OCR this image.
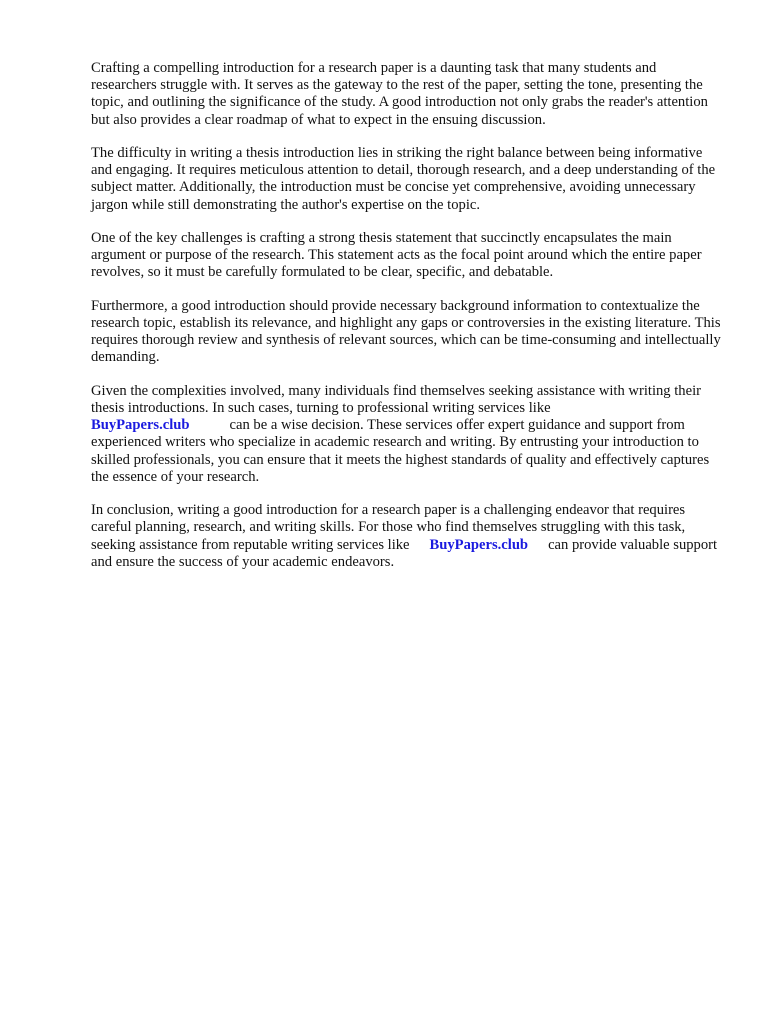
Crafting a compelling introduction for a research paper is a daunting task that many students and researchers struggle with. It serves as the gateway to the rest of the paper, setting the tone, presenting the topic, and outlining the significance of the study. A good introduction not only grabs the reader's attention but also provides a clear roadmap of what to expect in the ensuing discussion.

The difficulty in writing a thesis introduction lies in striking the right balance between being informative and engaging. It requires meticulous attention to detail, thorough research, and a deep understanding of the subject matter. Additionally, the introduction must be concise yet comprehensive, avoiding unnecessary jargon while still demonstrating the author's expertise on the topic.

One of the key challenges is crafting a strong thesis statement that succinctly encapsulates the main argument or purpose of the research. This statement acts as the focal point around which the entire paper revolves, so it must be carefully formulated to be clear, specific, and debatable.

Furthermore, a good introduction should provide necessary background information to contextualize the research topic, establish its relevance, and highlight any gaps or controversies in the existing literature. This requires thorough review and synthesis of relevant sources, which can be time-consuming and intellectually demanding.

Given the complexities involved, many individuals find themselves seeking assistance with writing their thesis introductions. In such cases, turning to professional writing services like
BuyPapers.club	can be a wise decision. These services offer expert guidance and support from experienced writers who specialize in academic research and writing. By entrusting your introduction to skilled professionals, you can ensure that it meets the highest standards of quality and effectively captures the essence of your research.

In conclusion, writing a good introduction for a research paper is a challenging endeavor that requires careful planning, research, and writing skills. For those who find themselves struggling with this task, seeking assistance from reputable writing services like BuyPapers.club can provide valuable support and ensure the success of your academic endeavors.
